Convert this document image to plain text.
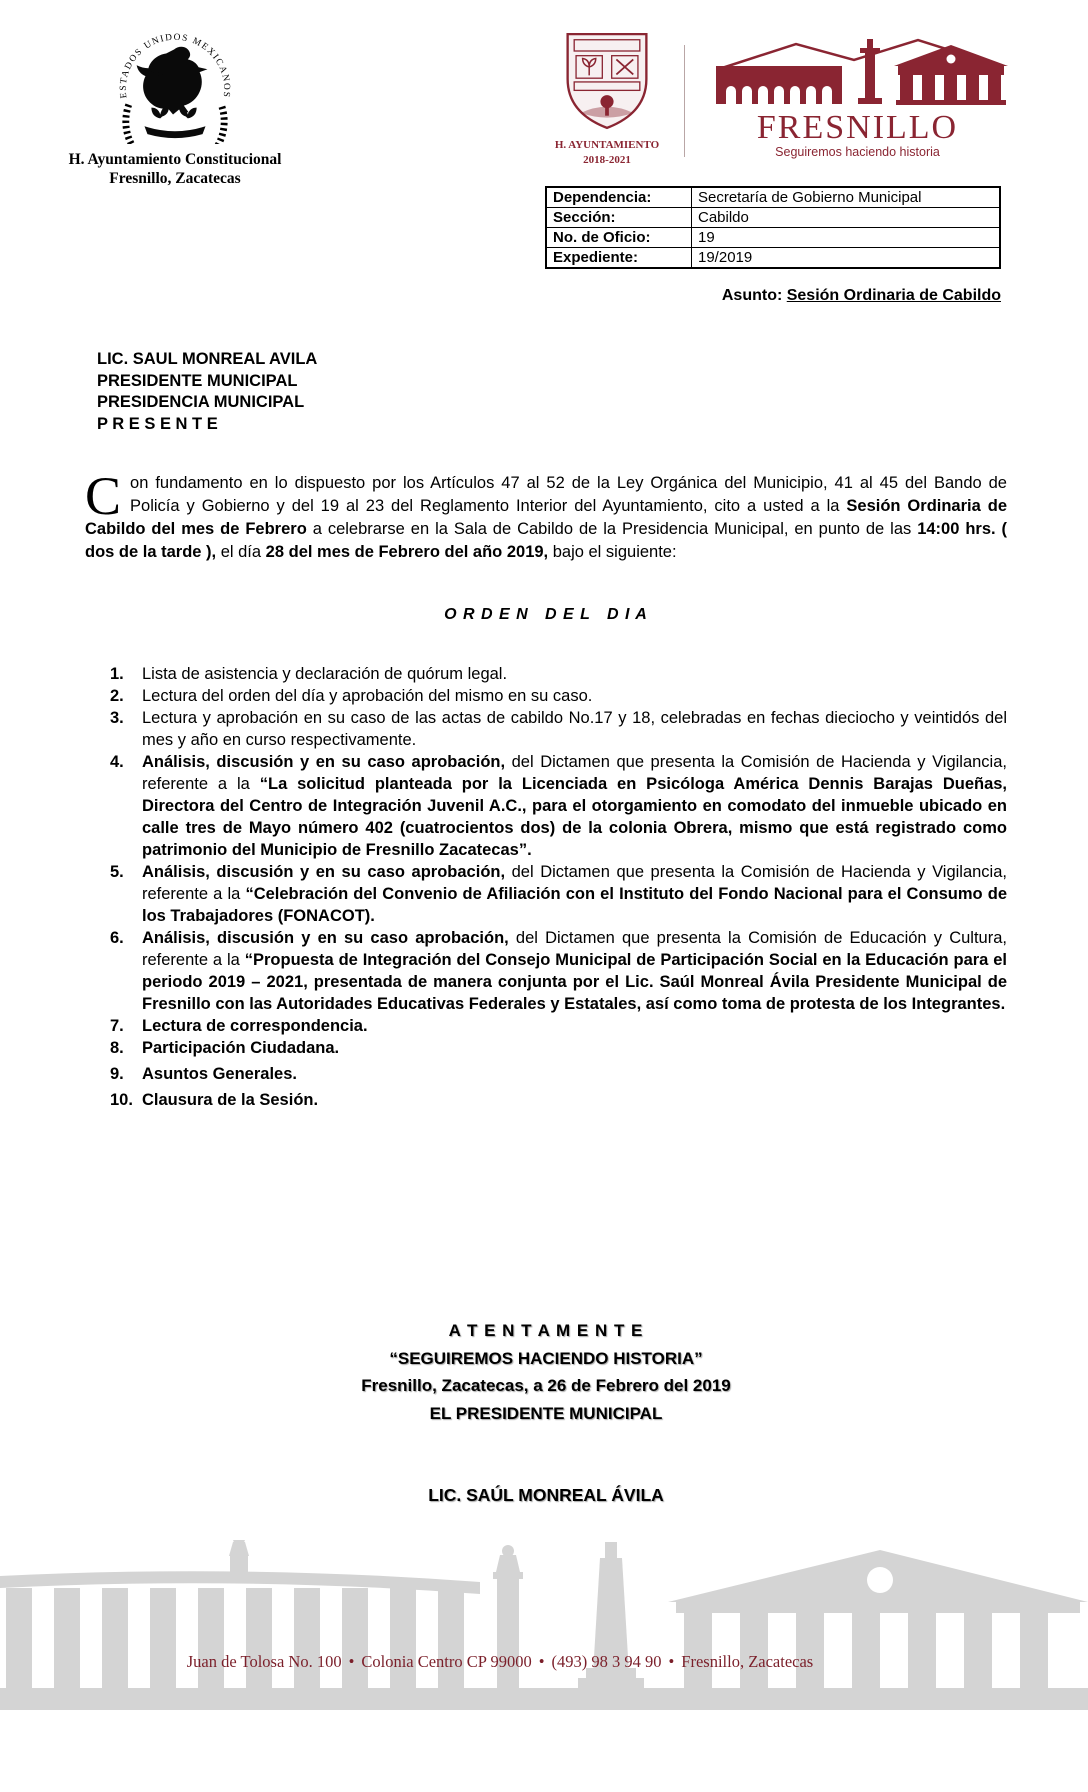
ESTADOS UNIDOS MEXICANOS
H. Ayuntamiento Constitucional
Fresnillo, Zacatecas
H. AYUNTAMIENTO
2018-2021
FRESNILLO
Seguiremos haciendo historia
Dependencia:	Secretaría de Gobierno Municipal
Sección:	Cabildo
No. de Oficio:	19
Expediente:	19/2019
Asunto: Sesión Ordinaria de Cabildo
LIC. SAUL MONREAL AVILA
PRESIDENTE MUNICIPAL
PRESIDENCIA MUNICIPAL
P R E S E N T E
Con fundamento en lo dispuesto por los Artículos 47 al 52 de la Ley Orgánica del Municipio, 41 al 45 del Bando de Policía y Gobierno y del 19 al 23 del Reglamento Interior del Ayuntamiento, cito a usted a la Sesión Ordinaria de Cabildo del mes de Febrero a celebrarse en la Sala de Cabildo de la Presidencia Municipal, en punto de las 14:00 hrs. ( dos de la tarde ), el día 28 del mes de Febrero del año 2019, bajo el siguiente:
O R D E N   D E L   D I A
1.	Lista de asistencia y declaración de quórum legal.
2.	Lectura del orden del día y aprobación del mismo en su caso.
3.	Lectura y aprobación en su caso de las actas de cabildo No.17 y 18, celebradas en fechas dieciocho y veintidós del mes y año en curso respectivamente.
4.	Análisis, discusión y en su caso aprobación, del Dictamen que presenta la Comisión de Hacienda y Vigilancia, referente a la “La solicitud planteada por la Licenciada en Psicóloga América Dennis Barajas Dueñas, Directora del Centro de Integración Juvenil A.C., para el otorgamiento en comodato del inmueble ubicado en calle tres de Mayo número 402 (cuatrocientos dos) de la colonia Obrera, mismo que está registrado como patrimonio del Municipio de Fresnillo Zacatecas”.
5.	Análisis, discusión y en su caso aprobación, del Dictamen que presenta la Comisión de Hacienda y Vigilancia, referente a la “Celebración del Convenio de Afiliación con el Instituto del Fondo Nacional para el Consumo de los Trabajadores (FONACOT).
6.	Análisis, discusión y en su caso aprobación, del Dictamen que presenta la Comisión de Educación y Cultura, referente a la “Propuesta de Integración del Consejo Municipal de Participación Social en la Educación para el periodo 2019 – 2021, presentada de manera conjunta por el Lic. Saúl Monreal Ávila Presidente Municipal de Fresnillo con las Autoridades Educativas Federales y Estatales, así como toma de protesta de los Integrantes.
7.	Lectura de correspondencia.
8.	Participación Ciudadana.
9.	Asuntos Generales.
10. Clausura de la Sesión.
A T E N T A M E N T E
“SEGUIREMOS HACIENDO HISTORIA”
Fresnillo, Zacatecas, a 26 de Febrero del 2019
EL PRESIDENTE MUNICIPAL
LIC. SAÚL MONREAL ÁVILA
Juan de Tolosa No. 100 • Colonia Centro CP 99000 • (493) 98 3 94 90 • Fresnillo, Zacatecas
